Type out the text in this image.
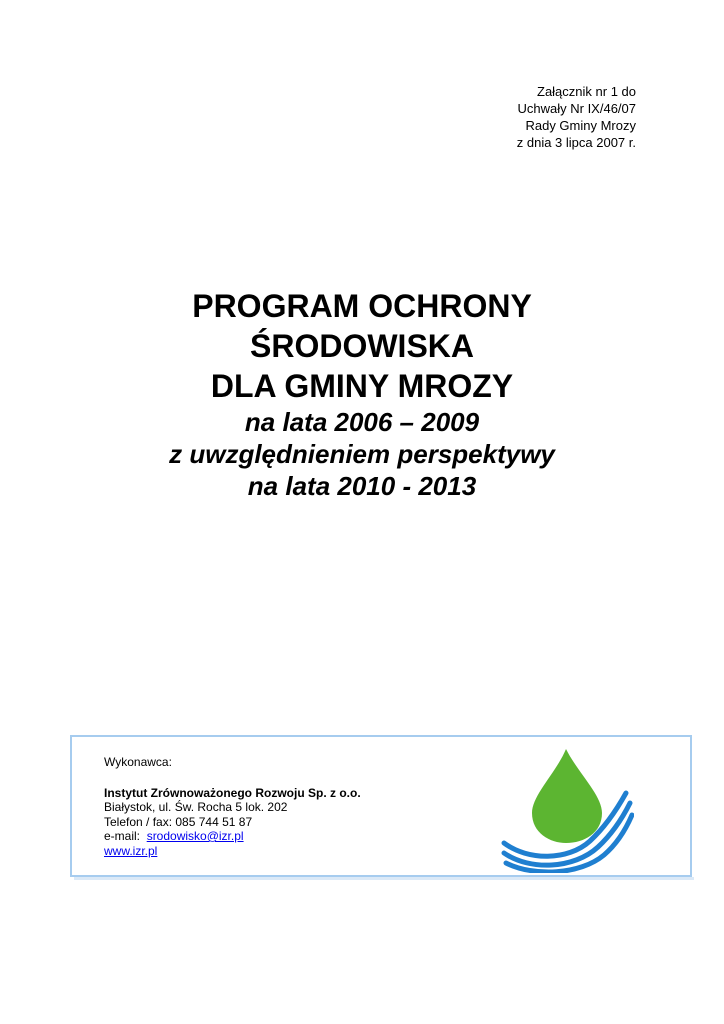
Załącznik nr 1 do
Uchwały Nr IX/46/07
Rady Gminy Mrozy
z dnia 3 lipca 2007 r.
PROGRAM OCHRONY
ŚRODOWISKA
DLA GMINY MROZY
na lata 2006 – 2009
z uwzględnieniem perspektywy
na lata 2010 - 2013
Wykonawca:
Instytut Zrównoważonego Rozwoju Sp. z o.o.
Białystok, ul. Św. Rocha 5 lok. 202
Telefon / fax: 085 744 51 87
e-mail: srodowisko@izr.pl
www.izr.pl
